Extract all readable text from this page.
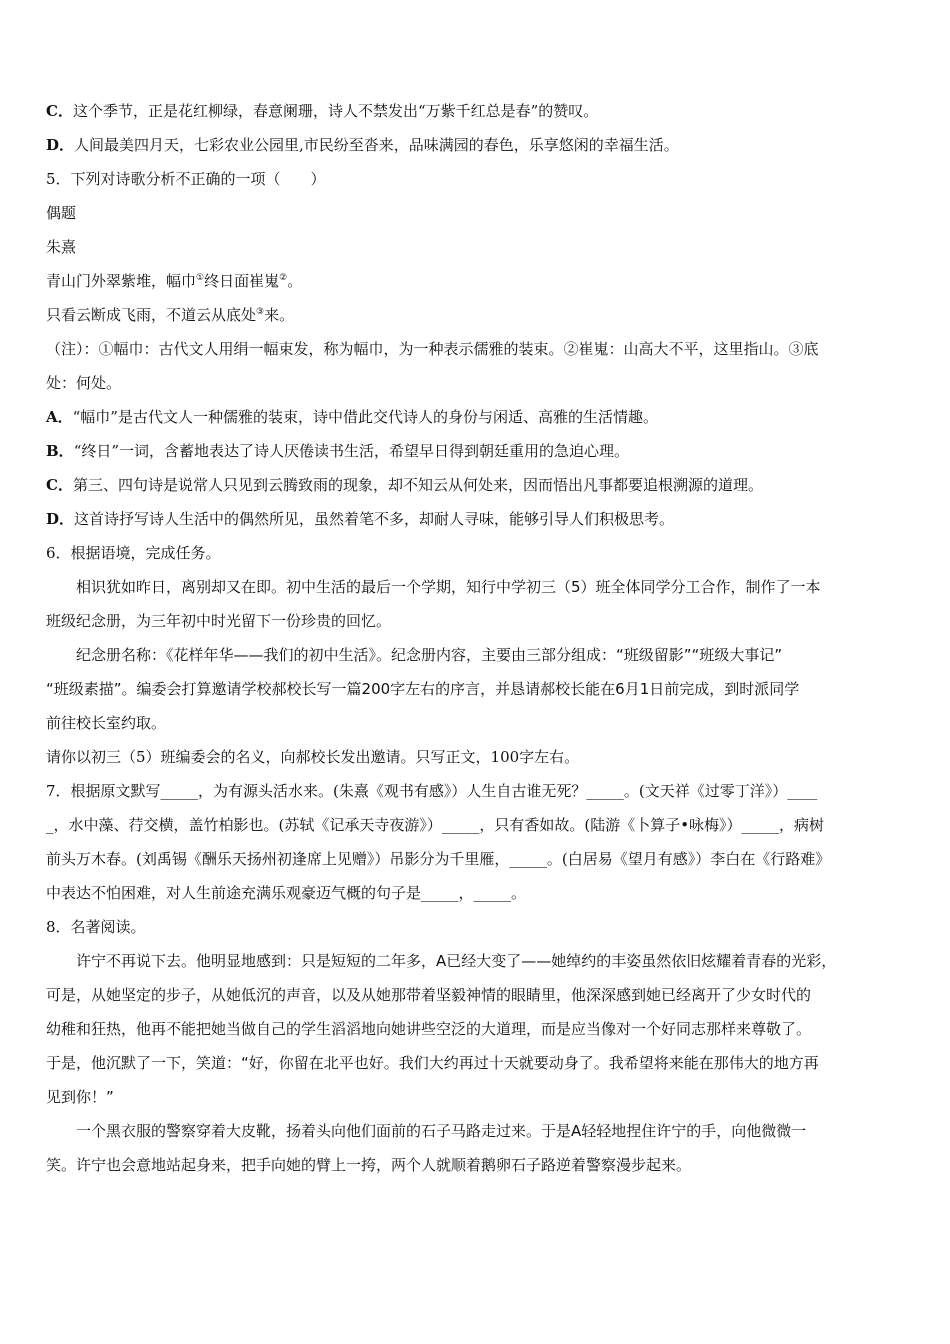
C．这个季节，正是花红柳绿，春意阑珊，诗人不禁发出“万紫千红总是春”的赞叹。

D．人间最美四月天，七彩农业公园里,市民纷至沓来，品味满园的春色，乐享悠闲的幸福生活。

5．下列对诗歌分析不正确的一项（　　）

偶题

朱熹

青山门外翠紫堆，幅巾①终日面崔嵬②。

只看云断成飞雨，不道云从底处③来。

（注）：①幅巾：古代文人用绢一幅束发，称为幅巾，为一种表示儒雅的装束。②崔嵬：山高大不平，这里指山。③底
处：何处。

A．“幅巾”是古代文人一种儒雅的装束，诗中借此交代诗人的身份与闲适、高雅的生活情趣。

B．“终日”一词，含蓄地表达了诗人厌倦读书生活，希望早日得到朝廷重用的急迫心理。

C．第三、四句诗是说常人只见到云腾致雨的现象，却不知云从何处来，因而悟出凡事都要追根溯源的道理。

D．这首诗抒写诗人生活中的偶然所见，虽然着笔不多，却耐人寻味，能够引导人们积极思考。

6．根据语境，完成任务。

相识犹如昨日，离别却又在即。初中生活的最后一个学期，知行中学初三（5）班全体同学分工合作，制作了一本
班级纪念册，为三年初中时光留下一份珍贵的回忆。

纪念册名称：《花样年华——我们的初中生活》。纪念册内容，主要由三部分组成：“班级留影”“班级大事记”
“班级素描”。编委会打算邀请学校郝校长写一篇200字左右的序言，并恳请郝校长能在6月1日前完成，到时派同学
前往校长室约取。

请你以初三（5）班编委会的名义，向郝校长发出邀请。只写正文，100字左右。

7．根据原文默写_____，为有源头活水来。(朱熹《观书有感》）人生自古谁无死？_____。(文天祥《过零丁洋》）____
_，水中藻、荇交横，盖竹柏影也。(苏轼《记承天寺夜游》）_____，只有香如故。(陆游《卜算子•咏梅》）_____，病树
前头万木春。(刘禹锡《酬乐天扬州初逢席上见赠》）吊影分为千里雁，_____。(白居易《望月有感》）李白在《行路难》
中表达不怕困难，对人生前途充满乐观豪迈气概的句子是_____，_____。

8．名著阅读。

许宁不再说下去。他明显地感到：只是短短的二年多，A已经大变了——她绰约的丰姿虽然依旧炫耀着青春的光彩，
可是，从她坚定的步子，从她低沉的声音，以及从她那带着坚毅神情的眼睛里，他深深感到她已经离开了少女时代的
幼稚和狂热，他再不能把她当做自己的学生滔滔地向她讲些空泛的大道理，而是应当像对一个好同志那样来尊敬了。
于是，他沉默了一下，笑道：“好，你留在北平也好。我们大约再过十天就要动身了。我希望将来能在那伟大的地方再
见到你！”

一个黑衣服的警察穿着大皮靴，扬着头向他们面前的石子马路走过来。于是A轻轻地捏住许宁的手，向他微微一
笑。许宁也会意地站起身来，把手向她的臂上一挎，两个人就顺着鹅卵石子路逆着警察漫步起来。
